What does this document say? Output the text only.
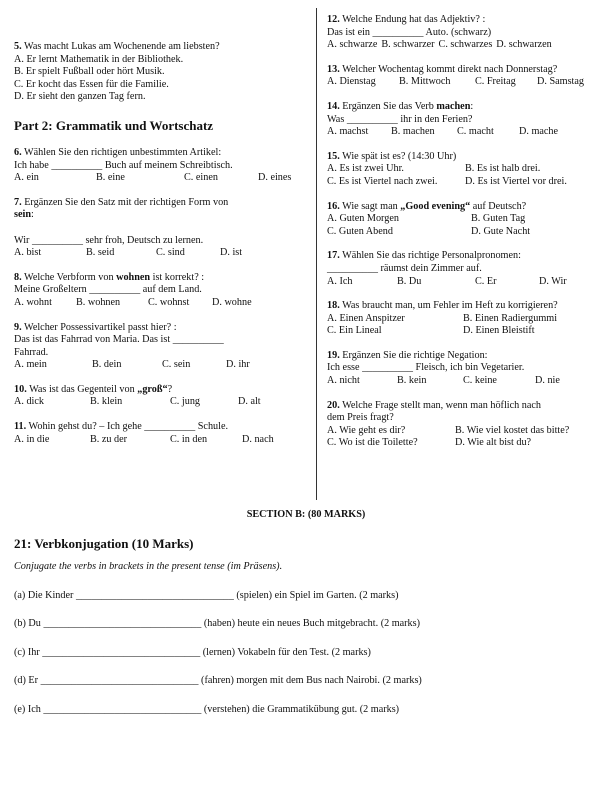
5. Was macht Lukas am Wochenende am liebsten?

A. Er lernt Mathematik in der Bibliothek.

B. Er spielt Fußball oder hört Musik.

C. Er kocht das Essen für die Familie.

D. Er sieht den ganzen Tag fern.

Part 2: Grammatik und Wortschatz

6. Wählen Sie den richtigen unbestimmten Artikel:

Ich habe __________ Buch auf meinem Schreibtisch.

A. ein	B. eine	C. einen	D. eines

7. Ergänzen Sie den Satz mit der richtigen Form von

sein:

Wir __________ sehr froh, Deutsch zu lernen.

A. bist	B. seid	C. sind	D. ist

8. Welche Verbform von wohnen ist korrekt? :

Meine Großeltern __________ auf dem Land.

A. wohnt	B. wohnen	C. wohnst	D. wohne

9. Welcher Possessivartikel passt hier? :

Das ist das Fahrrad von Maria. Das ist __________

Fahrrad.

A. mein	B. dein	C. sein	D. ihr

10. Was ist das Gegenteil von „groß“?

A. dick	B. klein	C. jung	D. alt

11. Wohin gehst du? – Ich gehe __________ Schule.

A. in die	B. zu der	C. in den	D. nach

12. Welche Endung hat das Adjektiv? :

Das ist ein __________ Auto. (schwarz)

A. schwarze B. schwarzer C. schwarzes D. schwarzen

13. Welcher Wochentag kommt direkt nach Donnerstag?

A. Dienstag	B. Mittwoch	C. Freitag	D. Samstag

14. Ergänzen Sie das Verb machen:

Was __________ ihr in den Ferien?

A. machst	B. machen	C. macht	D. mache

15. Wie spät ist es? (14:30 Uhr)

A. Es ist zwei Uhr.	B. Es ist halb drei.
C. Es ist Viertel nach zwei.	D. Es ist Viertel vor drei.

16. Wie sagt man „Good evening“ auf Deutsch?

A. Guten Morgen	B. Guten Tag
C. Guten Abend	D. Gute Nacht

17. Wählen Sie das richtige Personalpronomen:

__________ räumst dein Zimmer auf.

A. Ich	B. Du	C. Er	D. Wir

18. Was braucht man, um Fehler im Heft zu korrigieren?

A. Einen Anspitzer	B. Einen Radiergummi
C. Ein Lineal	D. Einen Bleistift

19. Ergänzen Sie die richtige Negation:

Ich esse __________ Fleisch, ich bin Vegetarier.

A. nicht	B. kein	C. keine	D. nie

20. Welche Frage stellt man, wenn man höflich nach

dem Preis fragt?

A. Wie geht es dir?	B. Wie viel kostet das bitte?
C. Wo ist die Toilette?	D. Wie alt bist du?
SECTION B: (80 MARKS)
21: Verbkonjugation (10 Marks)

Conjugate the verbs in brackets in the present tense (im Präsens).

(a) Die Kinder _______________________________ (spielen) ein Spiel im Garten. (2 marks)

(b) Du _______________________________ (haben) heute ein neues Buch mitgebracht. (2 marks)

(c) Ihr _______________________________ (lernen) Vokabeln für den Test. (2 marks)

(d) Er _______________________________ (fahren) morgen mit dem Bus nach Nairobi. (2 marks)

(e) Ich _______________________________ (verstehen) die Grammatikübung gut. (2 marks)
